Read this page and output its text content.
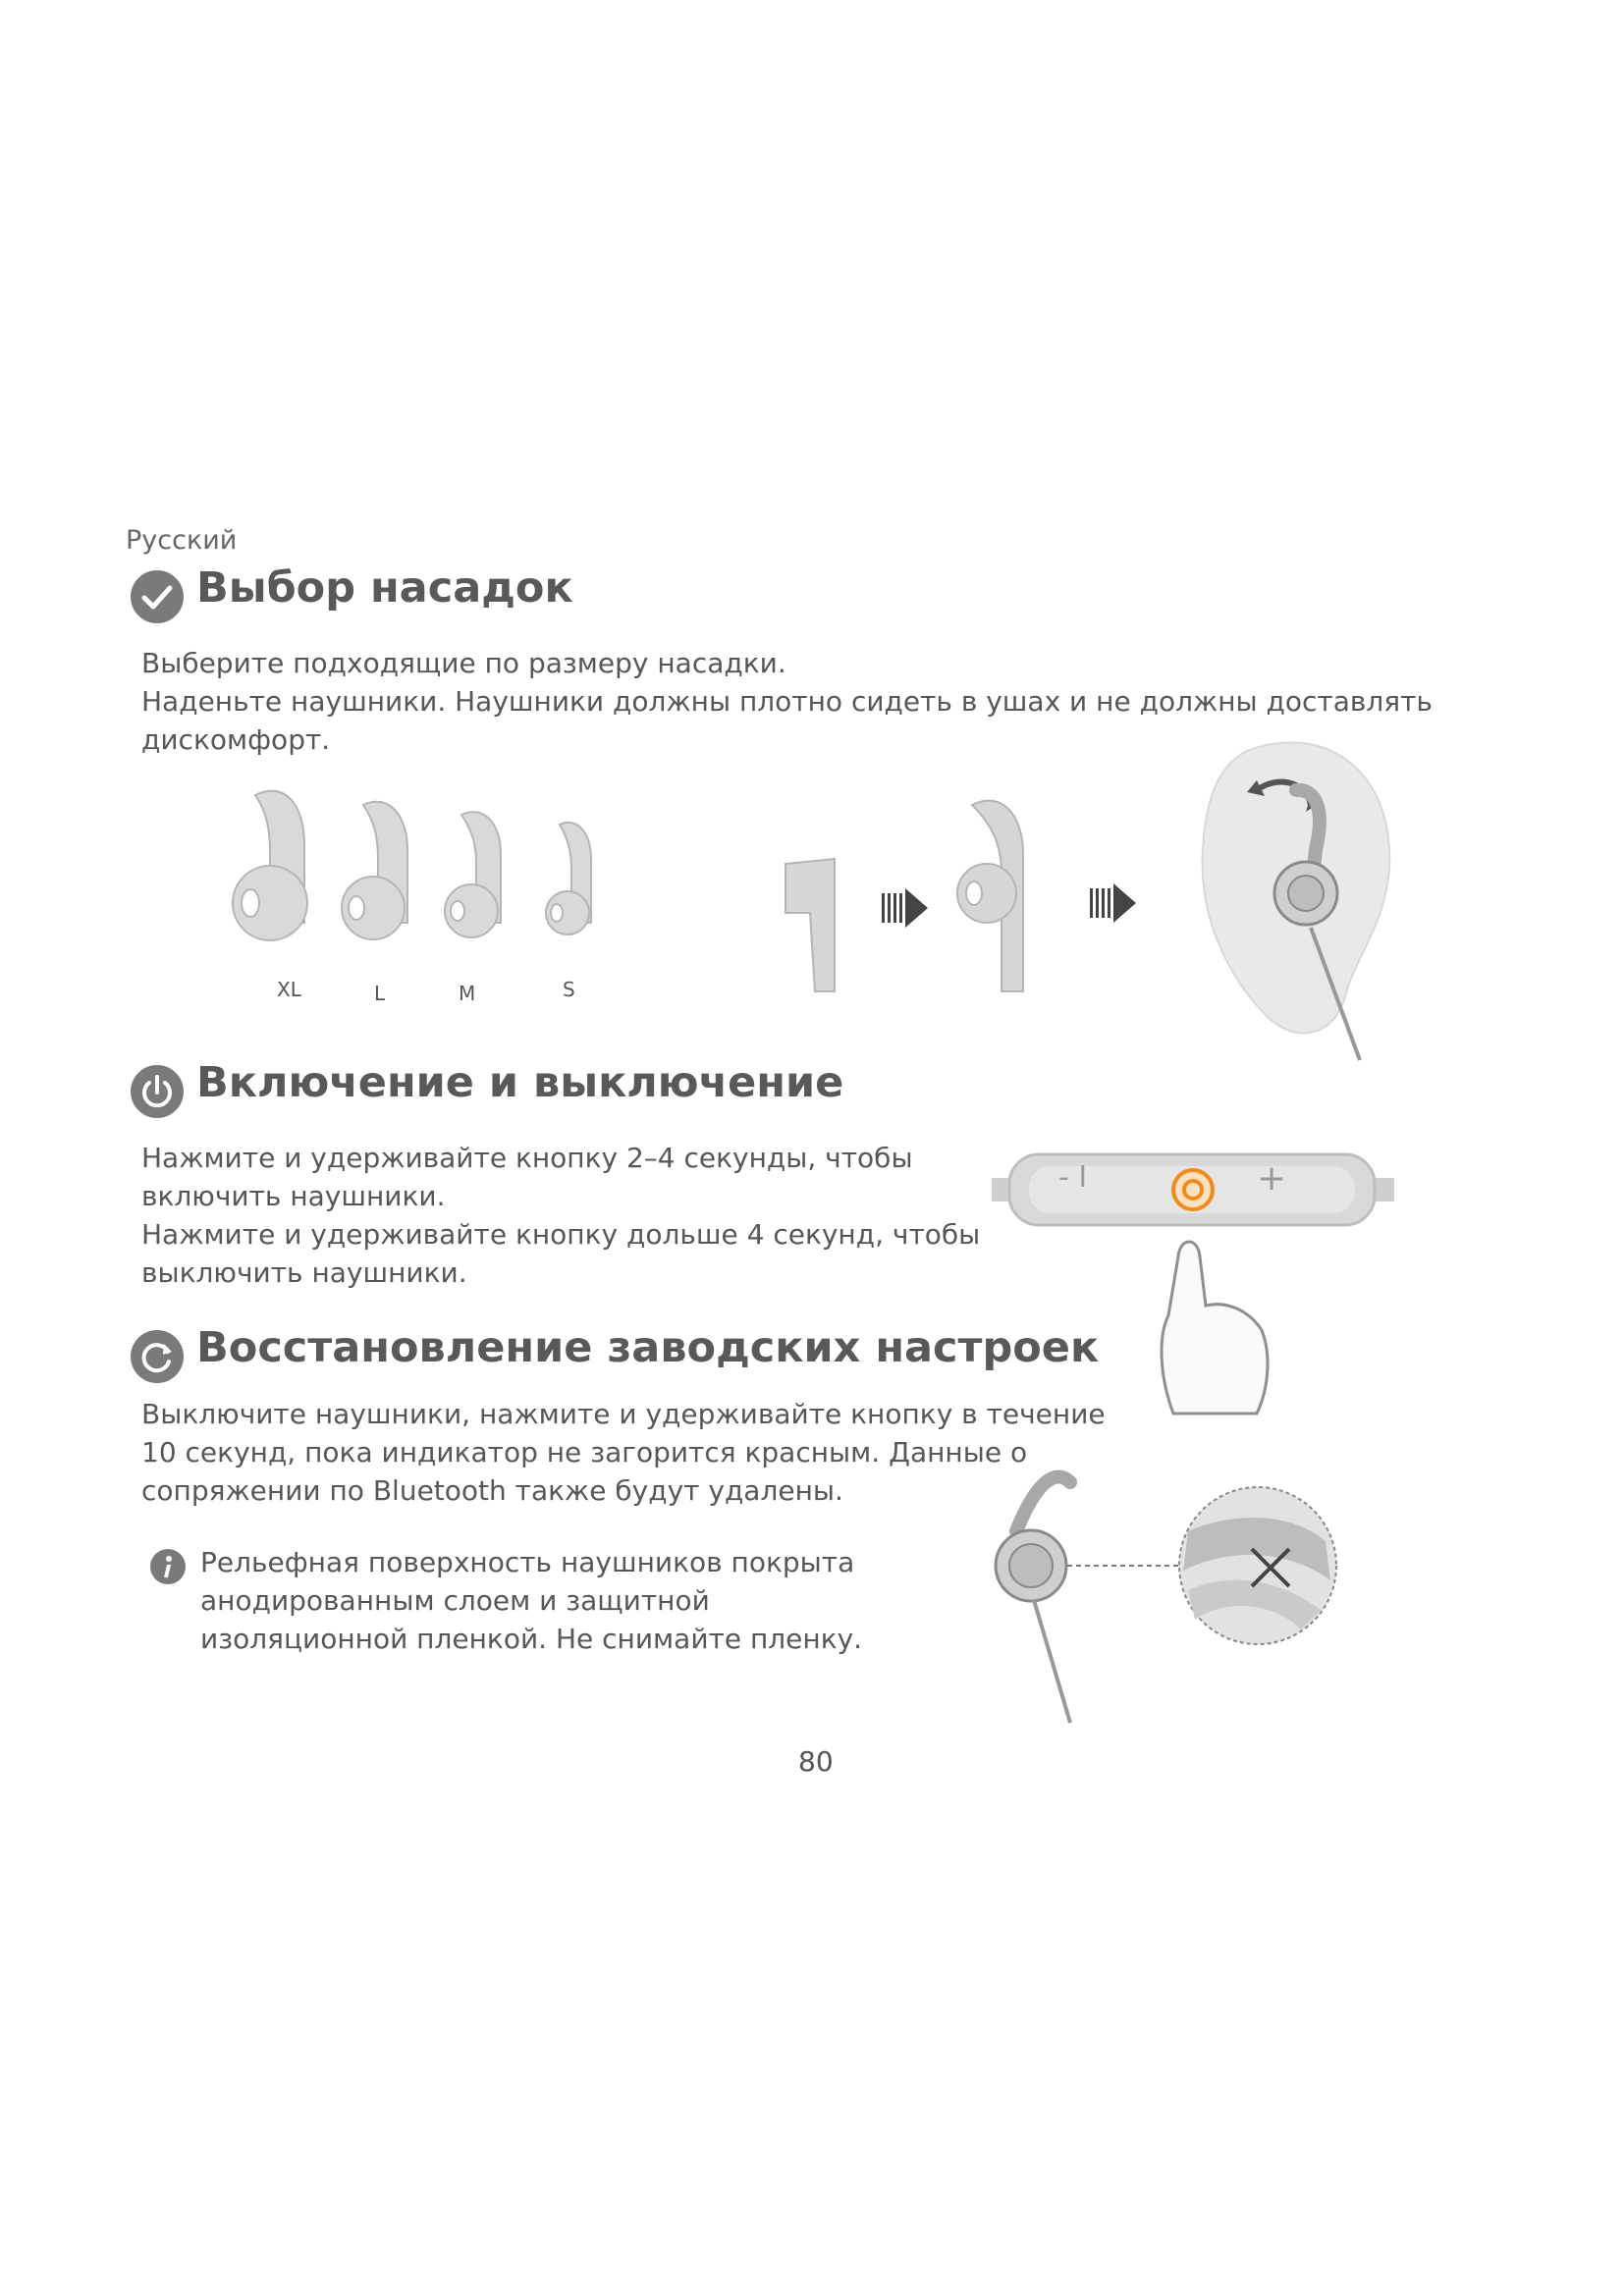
Русский
Выбор насадок
Выберите подходящие по размеру насадки.
Наденьте наушники. Наушники должны плотно сидеть в ушах и не должны доставлять дискомфорт.
XL	L	M	S
Включение и выключение
Нажмите и удерживайте кнопку 2–4 секунды, чтобы
включить наушники.
Нажмите и удерживайте кнопку дольше 4 секунд, чтобы
выключить наушники.
- I	+
Восстановление заводских настроек
Выключите наушники, нажмите и удерживайте кнопку в течение
10 секунд, пока индикатор не загорится красным. Данные о
сопряжении по Bluetooth также будут удалены.
Рельефная поверхность наушников покрыта
анодированным слоем и защитной
изоляционной пленкой. Не снимайте пленку.
80
